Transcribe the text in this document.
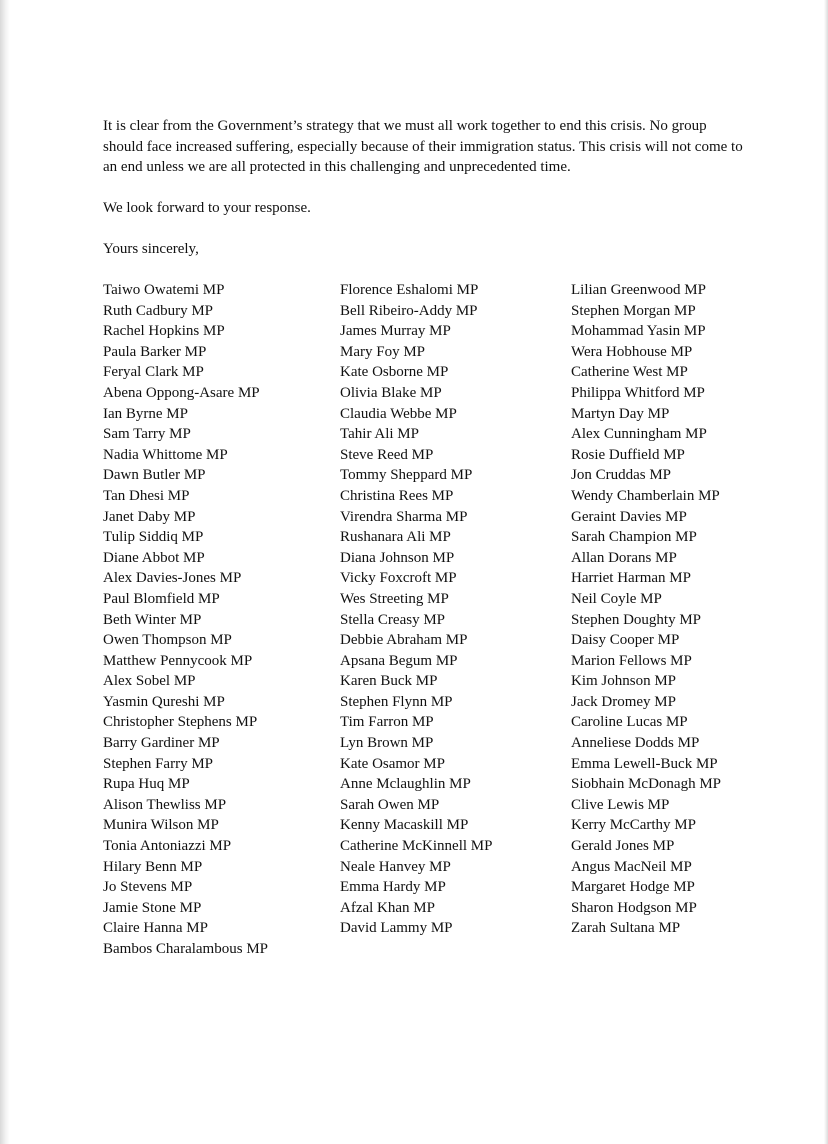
It is clear from the Government’s strategy that we must all work together to end this crisis. No group should face increased suffering, especially because of their immigration status. This crisis will not come to an end unless we are all protected in this challenging and unprecedented time.

We look forward to your response.

Yours sincerely,

Taiwo Owatemi MP
Ruth Cadbury MP
Rachel Hopkins MP
Paula Barker MP
Feryal Clark MP
Abena Oppong-Asare MP
Ian Byrne MP
Sam Tarry MP
Nadia Whittome MP
Dawn Butler MP
Tan Dhesi MP
Janet Daby MP
Tulip Siddiq MP
Diane Abbot MP
Alex Davies-Jones MP
Paul Blomfield MP
Beth Winter MP
Owen Thompson MP
Matthew Pennycook MP
Alex Sobel MP
Yasmin Qureshi MP
Christopher Stephens MP
Barry Gardiner MP
Stephen Farry MP
Rupa Huq MP
Alison Thewliss MP
Munira Wilson MP
Tonia Antoniazzi MP
Hilary Benn MP
Jo Stevens MP
Jamie Stone MP
Claire Hanna MP
Bambos Charalambous MP
Florence Eshalomi MP
Bell Ribeiro-Addy MP
James Murray MP
Mary Foy MP
Kate Osborne MP
Olivia Blake MP
Claudia Webbe MP
Tahir Ali MP
Steve Reed MP
Tommy Sheppard MP
Christina Rees MP
Virendra Sharma MP
Rushanara Ali MP
Diana Johnson MP
Vicky Foxcroft MP
Wes Streeting MP
Stella Creasy MP
Debbie Abraham MP
Apsana Begum MP
Karen Buck MP
Stephen Flynn MP
Tim Farron MP
Lyn Brown MP
Kate Osamor MP
Anne Mclaughlin MP
Sarah Owen MP
Kenny Macaskill MP
Catherine McKinnell MP
Neale Hanvey MP
Emma Hardy MP
Afzal Khan MP
David Lammy MP
Lilian Greenwood MP
Stephen Morgan MP
Mohammad Yasin MP
Wera Hobhouse MP
Catherine West MP
Philippa Whitford MP
Martyn Day MP
Alex Cunningham MP
Rosie Duffield MP
Jon Cruddas MP
Wendy Chamberlain MP
Geraint Davies MP
Sarah Champion MP
Allan Dorans MP
Harriet Harman MP
Neil Coyle MP
Stephen Doughty MP
Daisy Cooper MP
Marion Fellows MP
Kim Johnson MP
Jack Dromey MP
Caroline Lucas MP
Anneliese Dodds MP
Emma Lewell-Buck MP
Siobhain McDonagh MP
Clive Lewis MP
Kerry McCarthy MP
Gerald Jones MP
Angus MacNeil MP
Margaret Hodge MP
Sharon Hodgson MP
Zarah Sultana MP
